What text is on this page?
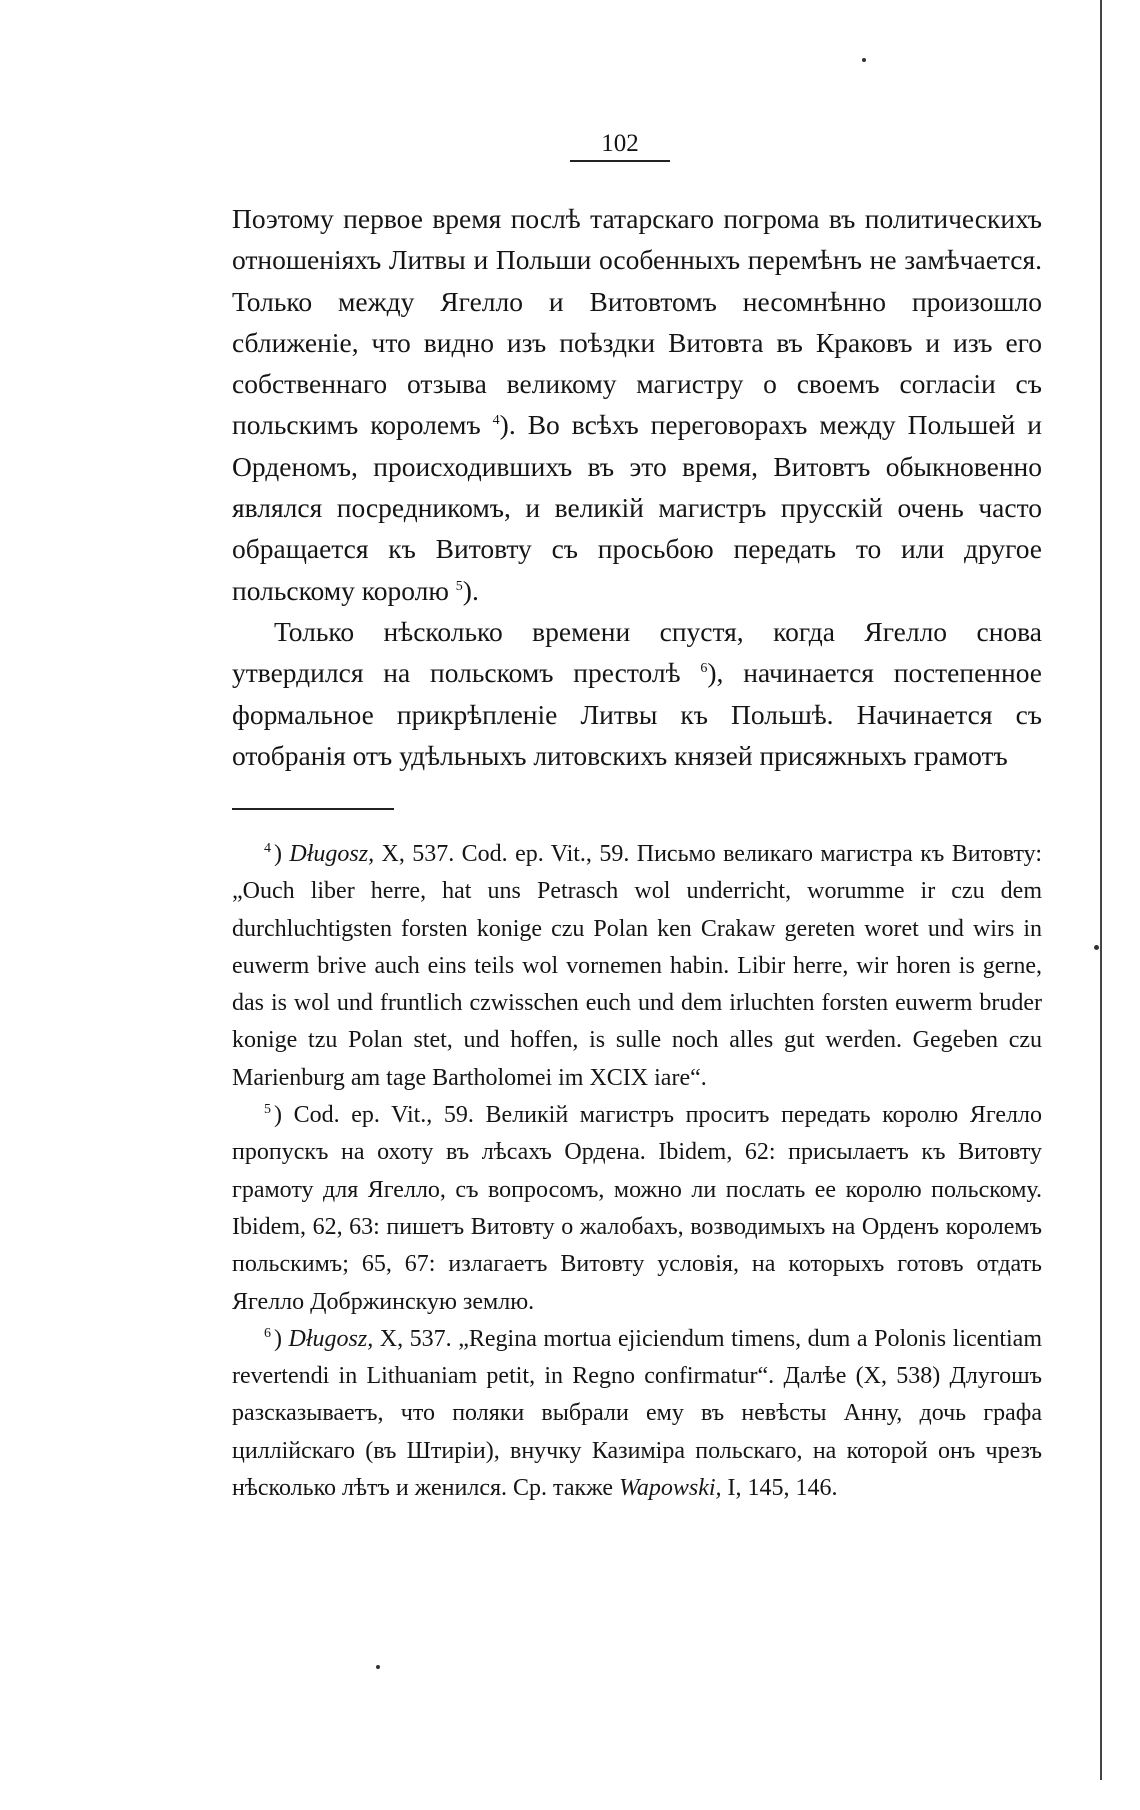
102

Поэтому первое время послѣ татарскаго погрома въ политическихъ отношеніяхъ Литвы и Польши особенныхъ перемѣнъ не замѣчается. Только между Ягелло и Витовтомъ несомнѣнно произошло сближеніе, что видно изъ поѣздки Витовта въ Краковъ и изъ его собственнаго отзыва великому магистру о своемъ согласіи съ польскимъ королемъ $^4$). Во всѣхъ переговорахъ между Польшей и Орденомъ, происходившихъ въ это время, Витовтъ обыкновенно являлся посредникомъ, и великій магистръ прусскій очень часто обращается къ Витовту съ просьбою передать то или другое польскому королю $^5$).

Только нѣсколько времени спустя, когда Ягелло снова утвердился на польскомъ престолѣ $^6$), начинается постепенное формальное прикрѣпленіе Литвы къ Польшѣ. Начинается съ отобранія отъ удѣльныхъ литовскихъ князей присяжныхъ грамотъ

$^4$ ) Długosz, X, 537. Cod. ep. Vit., 59. Письмо великаго магистра къ Витовту: „Ouch liber herre, hat uns Petrasch wol underricht, worumme ir czu dem durchluchtigsten forsten konige czu Polan ken Crakaw gereten woret und wirs in euwerm brive auch eins teils wol vornemen habin. Libir herre, wir horen is gerne, das is wol und fruntlich czwisschen euch und dem irluchten forsten euwerm bruder konige tzu Polan stet, und hoffen, is sulle noch alles gut werden. Gegeben czu Marienburg am tage Bartholomei im XCIX iare“.

$^5$ ) Cod. ep. Vit., 59. Великій магистръ проситъ передать королю Ягелло пропускъ на охоту въ лѣсахъ Ордена. Ibidem, 62: присылаетъ къ Витовту грамоту для Ягелло, съ вопросомъ, можно ли послать ее королю польскому. Ibidem, 62, 63: пишетъ Витовту о жалобахъ, возводимыхъ на Орденъ королемъ польскимъ; 65, 67: излагаетъ Витовту условія, на которыхъ готовъ отдать Ягелло Добржинскую землю.

$^6$ ) Długosz, X, 537. „Regina mortua ejiciendum timens, dum a Polonis licentiam revertendi in Lithuaniam petit, in Regno confirmatur“. Далѣе (X, 538) Длугошъ разсказываетъ, что поляки выбрали ему въ невѣсты Анну, дочь графа циллійскаго (въ Штиріи), внучку Казиміра польскаго, на которой онъ чрезъ нѣсколько лѣтъ и женился. Ср. также Wapowski, I, 145, 146.
